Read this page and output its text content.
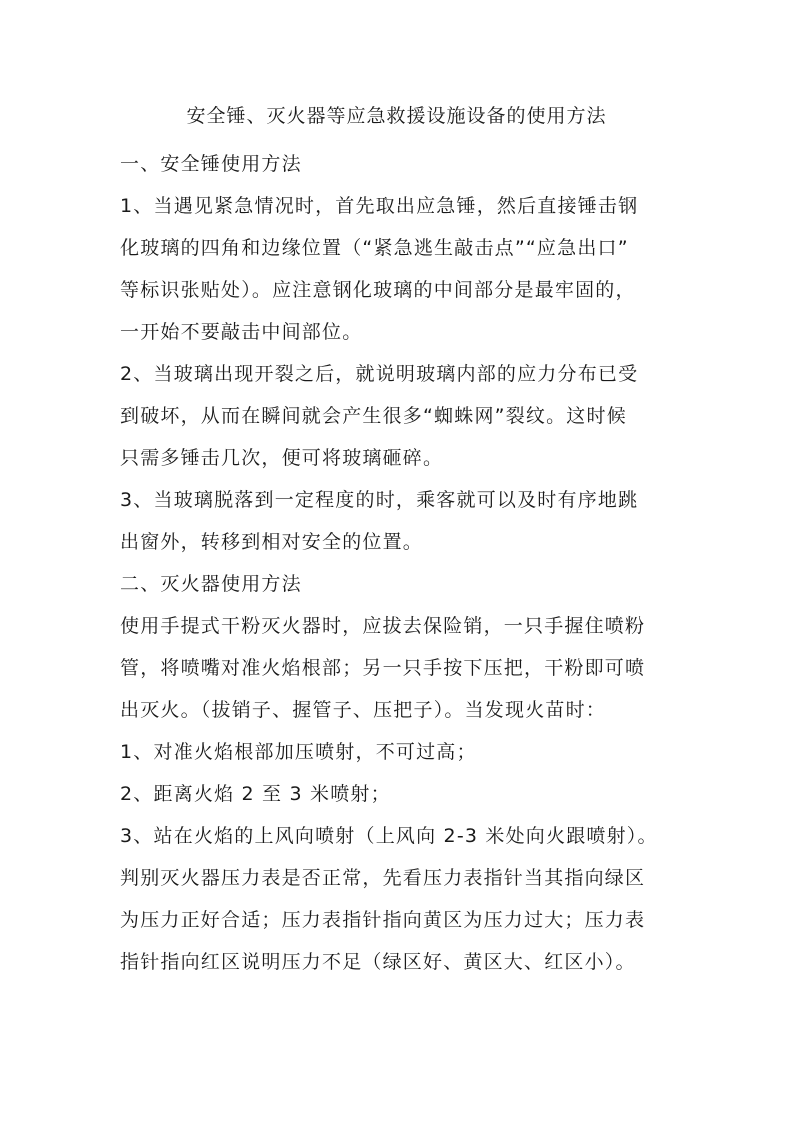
安全锤、灭火器等应急救援设施设备的使用方法
一、安全锤使用方法
1、当遇见紧急情况时，首先取出应急锤，然后直接锤击钢
化玻璃的四角和边缘位置（“紧急逃生敲击点”“应急出口”
等标识张贴处）。应注意钢化玻璃的中间部分是最牢固的，
一开始不要敲击中间部位。
2、当玻璃出现开裂之后，就说明玻璃内部的应力分布已受
到破坏，从而在瞬间就会产生很多“蜘蛛网”裂纹。这时候
只需多锤击几次，便可将玻璃砸碎。
3、当玻璃脱落到一定程度的时，乘客就可以及时有序地跳
出窗外，转移到相对安全的位置。
二、灭火器使用方法
使用手提式干粉灭火器时，应拔去保险销，一只手握住喷粉
管，将喷嘴对准火焰根部；另一只手按下压把，干粉即可喷
出灭火。（拔销子、握管子、压把子）。当发现火苗时：
1、对准火焰根部加压喷射，不可过高；
2、距离火焰 2 至 3 米喷射；
3、站在火焰的上风向喷射（上风向 2-3 米处向火跟喷射）。
判别灭火器压力表是否正常，先看压力表指针当其指向绿区
为压力正好合适；压力表指针指向黄区为压力过大；压力表
指针指向红区说明压力不足（绿区好、黄区大、红区小）。
